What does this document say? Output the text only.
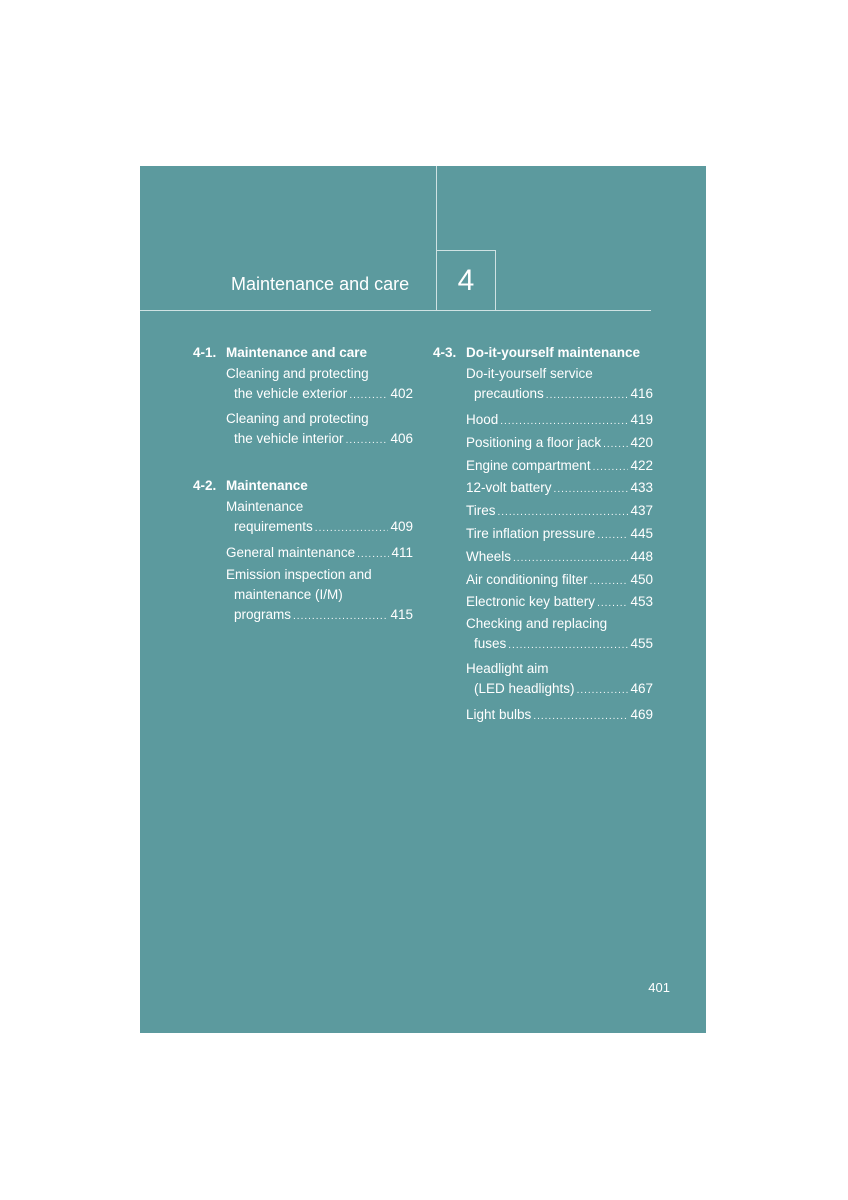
4
Maintenance and care
4-1. Maintenance and care
Cleaning and protecting
the vehicle exterior .....	402
Cleaning and protecting
the vehicle interior .....	406
4-2. Maintenance
Maintenance
requirements .....	409
General maintenance .....	411
Emission inspection and
maintenance (I/M)
programs .....	415
4-3. Do-it-yourself maintenance
Do-it-yourself service
precautions .....	416
Hood .....	419
Positioning a floor jack ..... 420
Engine compartment .....	422
12-volt battery .....	433
Tires .....	437
Tire inflation pressure .....	445
Wheels .....	448
Air conditioning filter .....	450
Electronic key battery .....	453
Checking and replacing
fuses .....	455
Headlight aim
(LED headlights) .....	467
Light bulbs .....	469
401
